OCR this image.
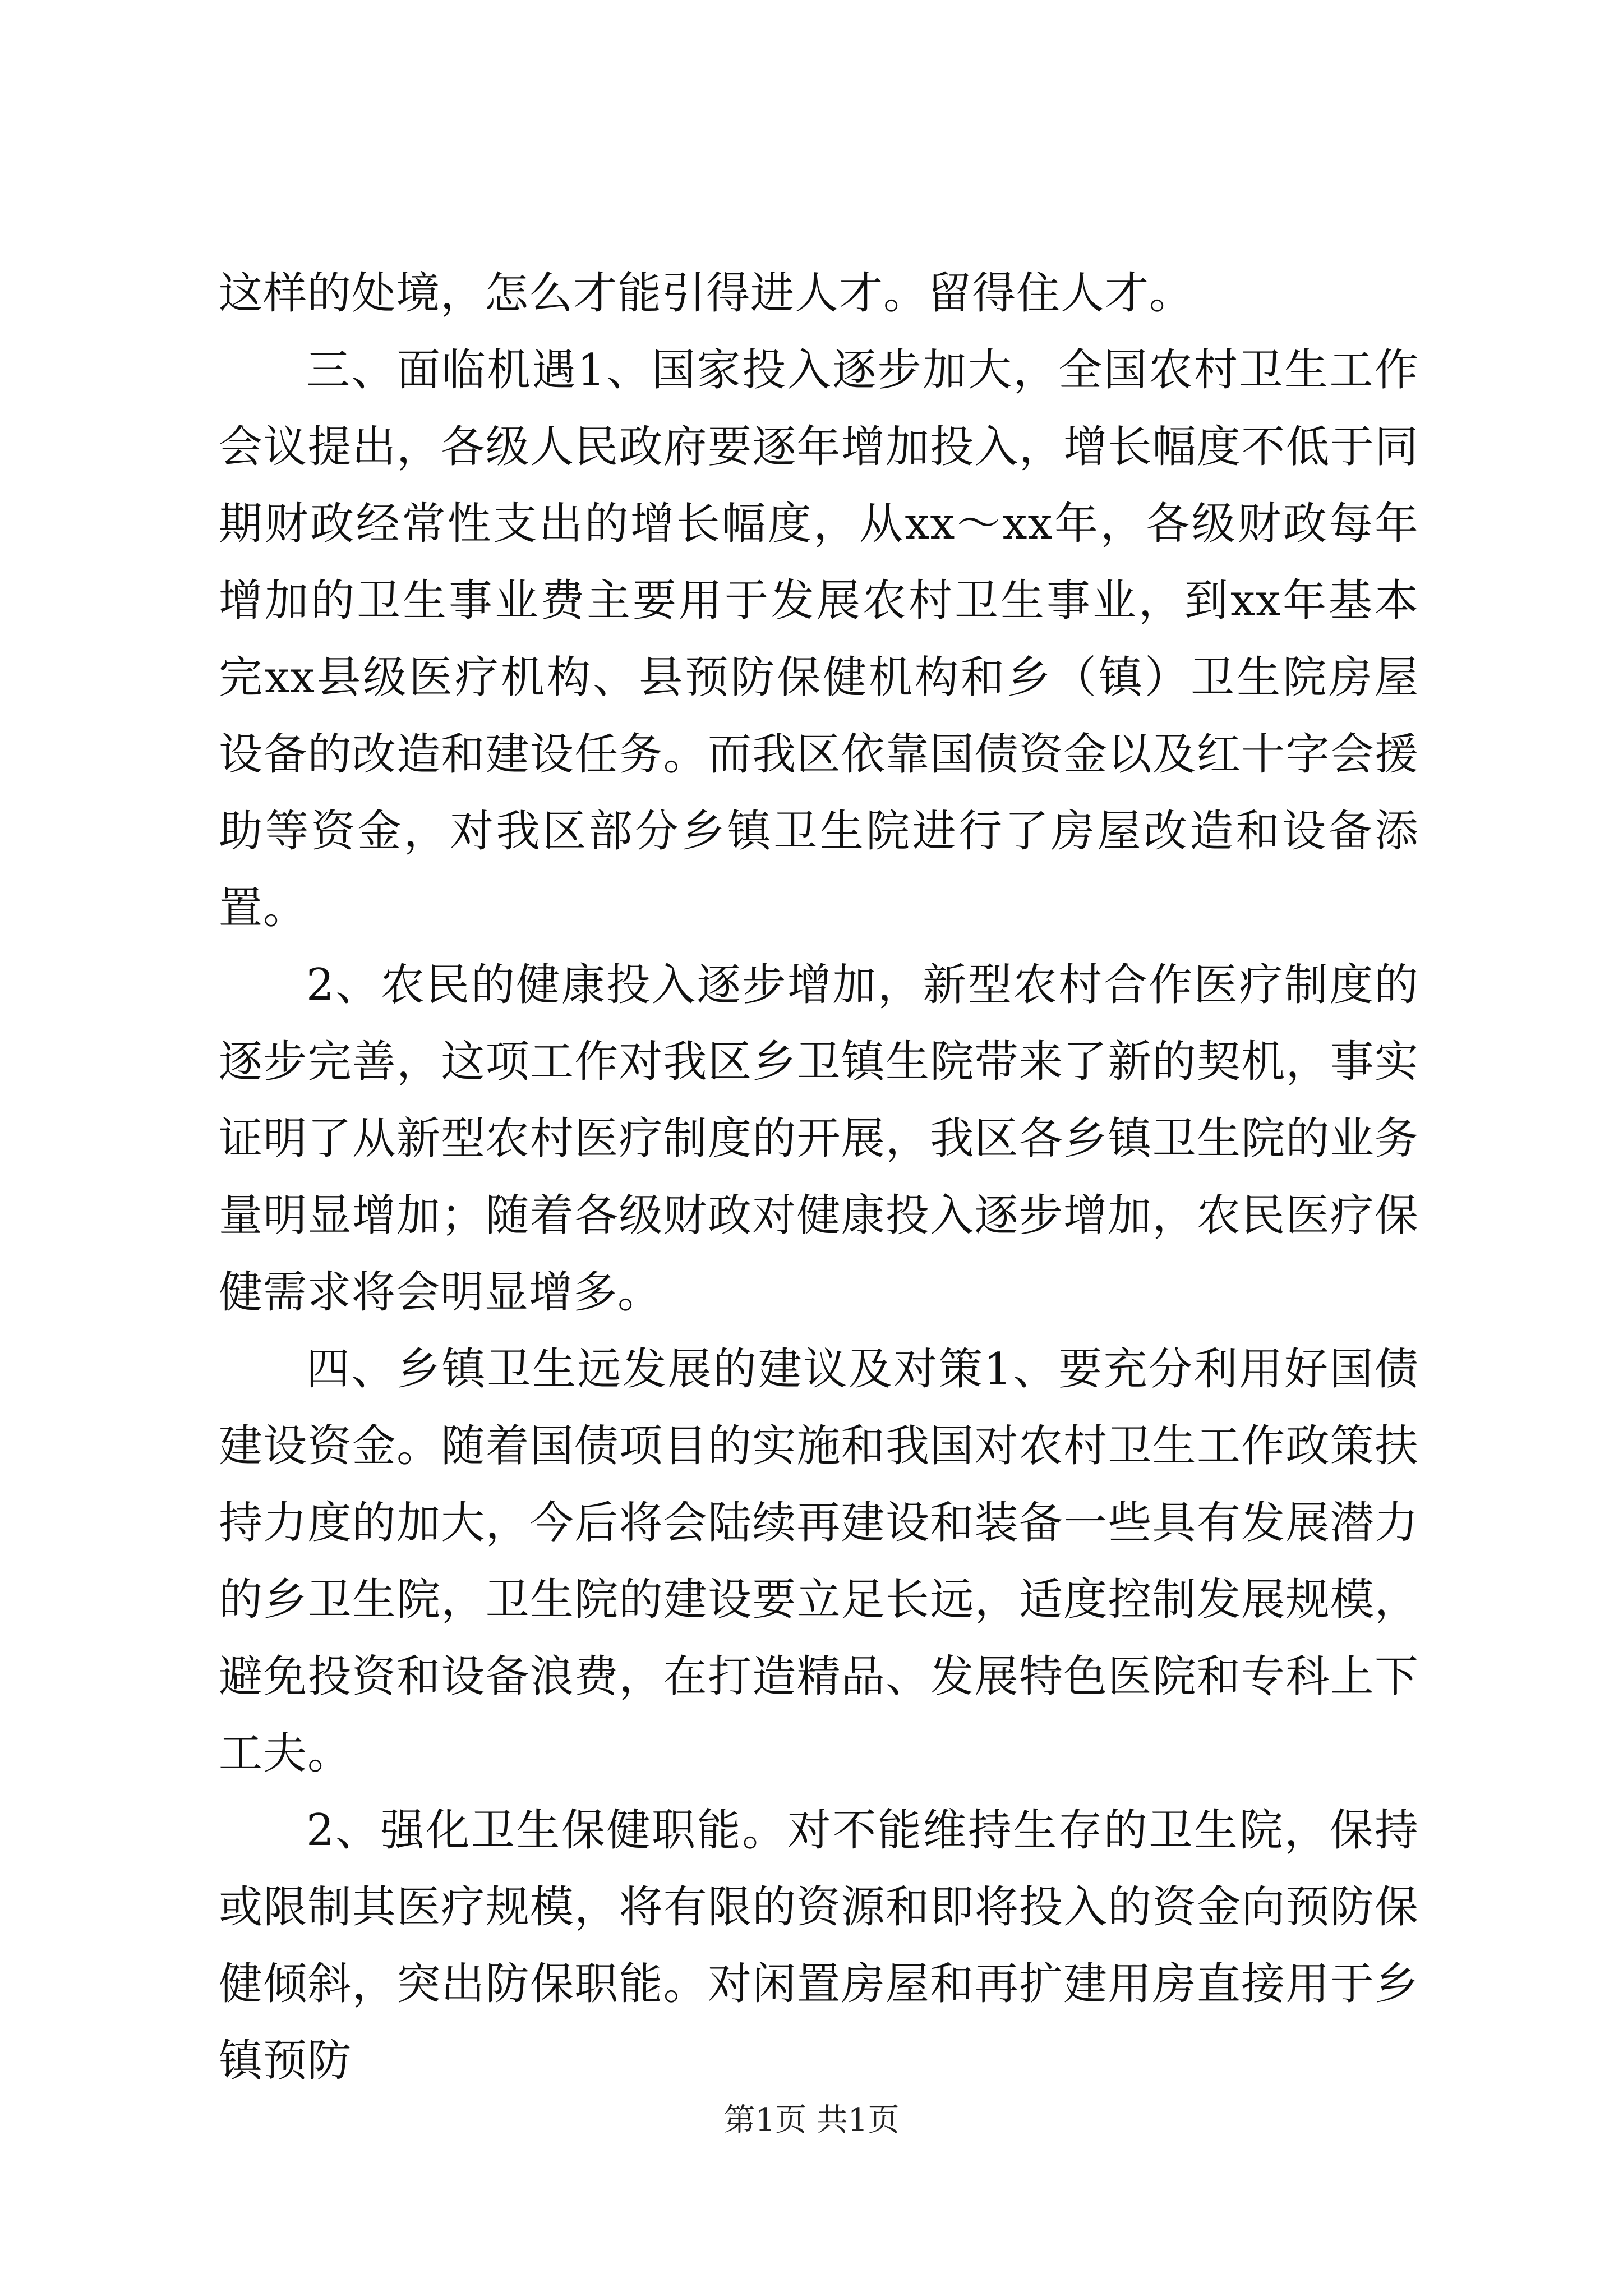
这样的处境，怎么才能引得进人才。留得住人才。

三、面临机遇1、国家投入逐步加大，全国农村卫生工作会议提出，各级人民政府要逐年增加投入，增长幅度不低于同期财政经常性支出的增长幅度，从xx～xx年，各级财政每年增加的卫生事业费主要用于发展农村卫生事业，到xx年基本完xx县级医疗机构、县预防保健机构和乡（镇）卫生院房屋设备的改造和建设任务。而我区依靠国债资金以及红十字会援助等资金，对我区部分乡镇卫生院进行了房屋改造和设备添置。

2、农民的健康投入逐步增加，新型农村合作医疗制度的逐步完善，这项工作对我区乡卫镇生院带来了新的契机，事实证明了从新型农村医疗制度的开展，我区各乡镇卫生院的业务量明显增加；随着各级财政对健康投入逐步增加，农民医疗保健需求将会明显增多。

四、乡镇卫生远发展的建议及对策1、要充分利用好国债建设资金。随着国债项目的实施和我国对农村卫生工作政策扶持力度的加大，今后将会陆续再建设和装备一些具有发展潜力的乡卫生院，卫生院的建设要立足长远，适度控制发展规模，避免投资和设备浪费，在打造精品、发展特色医院和专科上下工夫。

2、强化卫生保健职能。对不能维持生存的卫生院，保持或限制其医疗规模，将有限的资源和即将投入的资金向预防保健倾斜，突出防保职能。对闲置房屋和再扩建用房直接用于乡镇预防

第1页 共1页
